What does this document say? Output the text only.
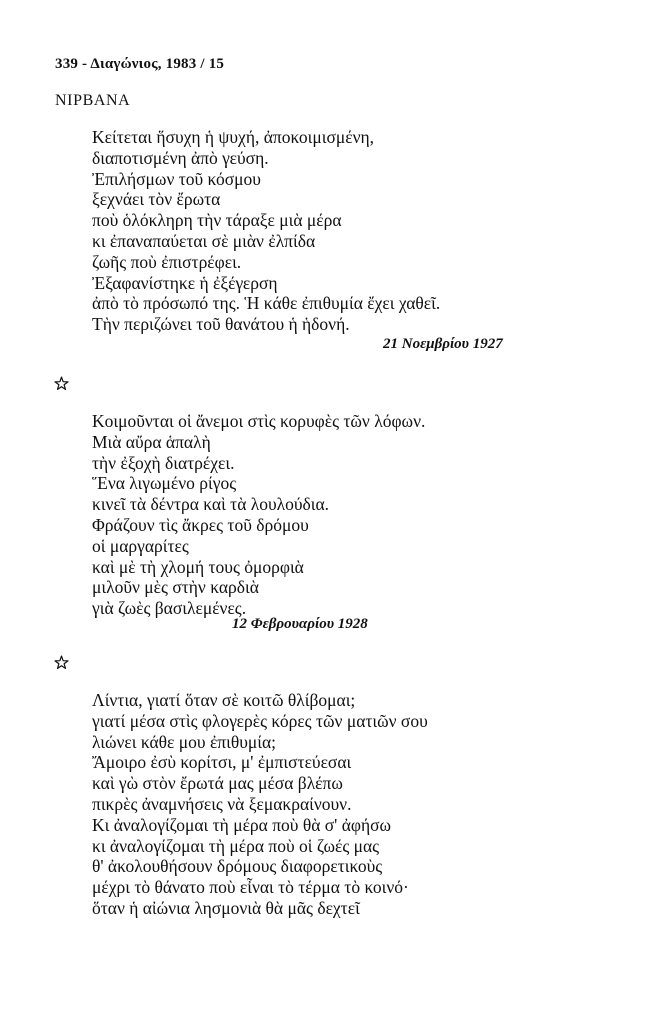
339 - Διαγώνιος, 1983 / 15
ΝΙΡΒΑΝΑ
Κείτεται ἥσυχη ἡ ψυχή, ἀποκοιμισμένη,
διαποτισμένη ἀπὸ γεύση.
Ἐπιλήσμων τοῦ κόσμου
ξεχνάει τὸν ἔρωτα
ποὺ ὁλόκληρη τὴν τάραξε μιὰ μέρα
κι ἐπαναπαύεται σὲ μιὰν ἐλπίδα
ζωῆς ποὺ ἐπιστρέφει.
Ἐξαφανίστηκε ἡ ἐξέγερση
ἀπὸ τὸ πρόσωπό της. Ἡ κάθε ἐπιθυμία ἔχει χαθεῖ.
Τὴν περιζώνει τοῦ θανάτου ἡ ἡδονή.
21 Νοεμβρίου 1927
Κοιμοῦνται οἱ ἄνεμοι στὶς κορυφὲς τῶν λόφων.
Μιὰ αὔρα ἁπαλὴ
τὴν ἐξοχὴ διατρέχει.
Ἕνα λιγωμένο ρίγος
κινεῖ τὰ δέντρα καὶ τὰ λουλούδια.
Φράζουν τὶς ἄκρες τοῦ δρόμου
οἱ μαργαρίτες
καὶ μὲ τὴ χλομή τους ὀμορφιὰ
μιλοῦν μὲς στὴν καρδιὰ
γιὰ ζωὲς βασιλεμένες.
12 Φεβρουαρίου 1928
Λίντια, γιατί ὅταν σὲ κοιτῶ θλίβομαι;
γιατί μέσα στὶς φλογερὲς κόρες τῶν ματιῶν σου
λιώνει κάθε μου ἐπιθυμία;
Ἄμοιρο ἐσὺ κορίτσι, μ' ἐμπιστεύεσαι
καὶ γὼ στὸν ἔρωτά μας μέσα βλέπω
πικρὲς ἀναμνήσεις νὰ ξεμακραίνουν.
Κι ἀναλογίζομαι τὴ μέρα ποὺ θὰ σ' ἀφήσω
κι ἀναλογίζομαι τὴ μέρα ποὺ οἱ ζωές μας
θ' ἀκολουθήσουν δρόμους διαφορετικοὺς
μέχρι τὸ θάνατο ποὺ εἶναι τὸ τέρμα τὸ κοινό·
ὅταν ἡ αἰώνια λησμονιὰ θὰ μᾶς δεχτεῖ
